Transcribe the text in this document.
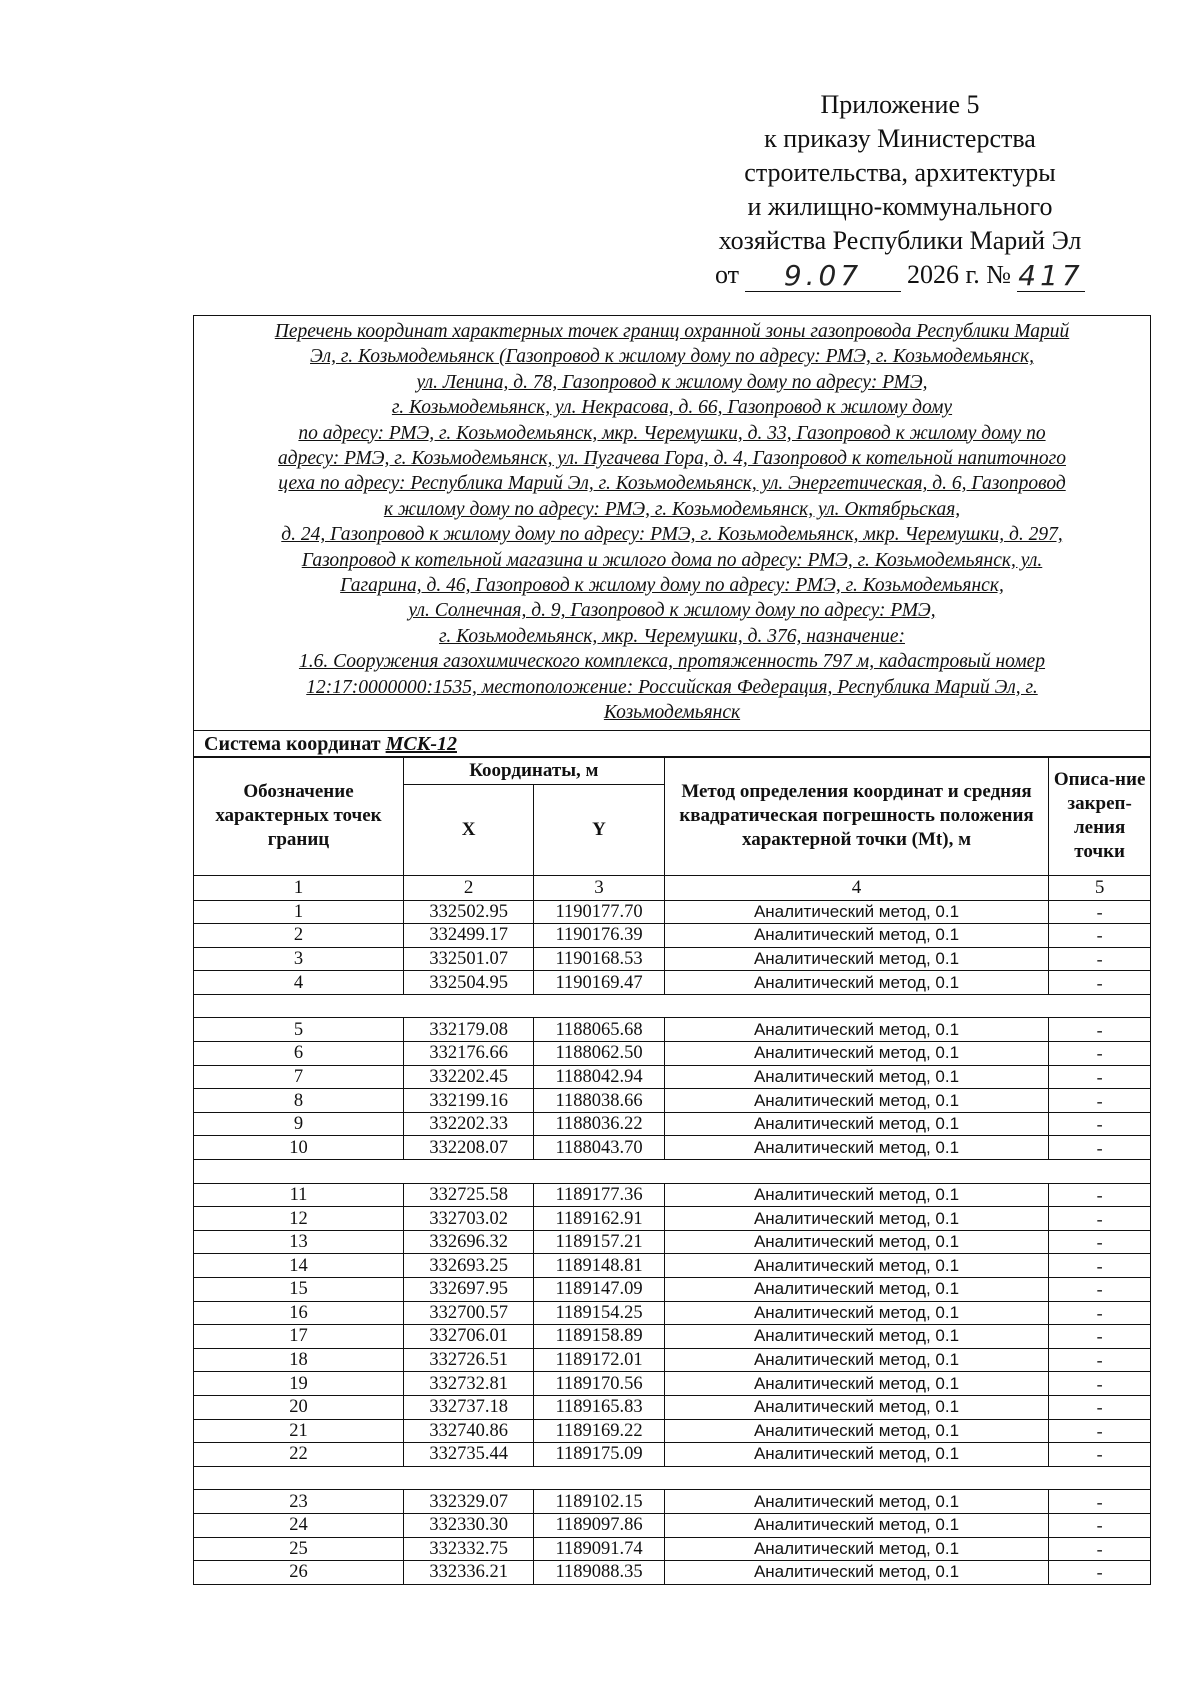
Приложение 5
к приказу Министерства
строительства, архитектуры
и жилищно-коммунального
хозяйства Республики Марий Эл
от	9.07	2026 г. № 417
Перечень координат характерных точек границ охранной зоны газопровода Республики Марий
Эл, г. Козьмодемьянск (Газопровод к жилому дому по адресу: РМЭ, г. Козьмодемьянск,
ул. Ленина, д. 78, Газопровод к жилому дому по адресу: РМЭ,
г. Козьмодемьянск, ул. Некрасова, д. 66, Газопровод к жилому дому
по адресу: РМЭ, г. Козьмодемьянск, мкр. Черемушки, д. 33, Газопровод к жилому дому по
адресу: РМЭ, г. Козьмодемьянск, ул. Пугачева Гора, д. 4, Газопровод к котельной напиточного
цеха по адресу: Республика Марий Эл, г. Козьмодемьянск, ул. Энергетическая, д. 6, Газопровод
к жилому дому по адресу: РМЭ, г. Козьмодемьянск, ул. Октябрьская,
д. 24, Газопровод к жилому дому по адресу: РМЭ, г. Козьмодемьянск, мкр. Черемушки, д. 297,
Газопровод к котельной магазина и жилого дома по адресу: РМЭ, г. Козьмодемьянск, ул.
Гагарина, д. 46, Газопровод к жилому дому по адресу: РМЭ, г. Козьмодемьянск,
ул. Солнечная, д. 9, Газопровод к жилому дому по адресу: РМЭ,
г. Козьмодемьянск, мкр. Черемушки, д. 376, назначение:
1.6. Сооружения газохимического комплекса, протяженность 797 м, кадастровый номер
12:17:0000000:1535, местоположение: Российская Федерация, Республика Марий Эл, г.
Козьмодемьянск
Система координат МСК-12
Обозначение характерных точек границ	Координаты, м		Метод определения координат и средняя квадратическая погрешность положения характерной точки (Mt), м	Описа-ние закреп-ления точки
	X	Y		
1	2	3	4	5
1	332502.95	1190177.70	Аналитический метод, 0.1	-
2	332499.17	1190176.39	Аналитический метод, 0.1	-
3	332501.07	1190168.53	Аналитический метод, 0.1	-
4	332504.95	1190169.47	Аналитический метод, 0.1	-

5	332179.08	1188065.68	Аналитический метод, 0.1	-
6	332176.66	1188062.50	Аналитический метод, 0.1	-
7	332202.45	1188042.94	Аналитический метод, 0.1	-
8	332199.16	1188038.66	Аналитический метод, 0.1	-
9	332202.33	1188036.22	Аналитический метод, 0.1	-
10	332208.07	1188043.70	Аналитический метод, 0.1	-

11	332725.58	1189177.36	Аналитический метод, 0.1	-
12	332703.02	1189162.91	Аналитический метод, 0.1	-
13	332696.32	1189157.21	Аналитический метод, 0.1	-
14	332693.25	1189148.81	Аналитический метод, 0.1	-
15	332697.95	1189147.09	Аналитический метод, 0.1	-
16	332700.57	1189154.25	Аналитический метод, 0.1	-
17	332706.01	1189158.89	Аналитический метод, 0.1	-
18	332726.51	1189172.01	Аналитический метод, 0.1	-
19	332732.81	1189170.56	Аналитический метод, 0.1	-
20	332737.18	1189165.83	Аналитический метод, 0.1	-
21	332740.86	1189169.22	Аналитический метод, 0.1	-
22	332735.44	1189175.09	Аналитический метод, 0.1	-

23	332329.07	1189102.15	Аналитический метод, 0.1	-
24	332330.30	1189097.86	Аналитический метод, 0.1	-
25	332332.75	1189091.74	Аналитический метод, 0.1	-
26	332336.21	1189088.35	Аналитический метод, 0.1	-
